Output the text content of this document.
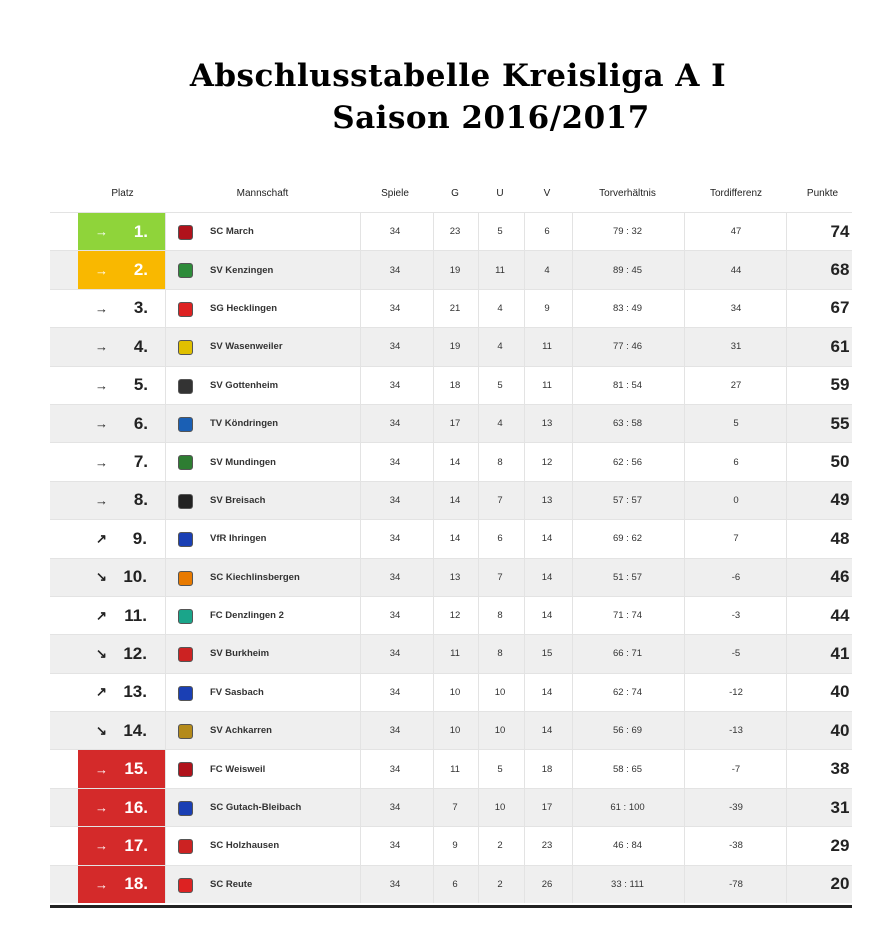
Abschlusstabelle Kreisliga A I
Saison 2016/2017
Platz	Mannschaft	Spiele	G	U	V	Torverhältnis	Tordifferenz	Punkte
→	1.	SC March	34	23	5	6	79 : 32	47	74
→	2.	SV Kenzingen	34	19	11	4	89 : 45	44	68
→	3.	SG Hecklingen	34	21	4	9	83 : 49	34	67
→	4.	SV Wasenweiler	34	19	4	11	77 : 46	31	61
→	5.	SV Gottenheim	34	18	5	11	81 : 54	27	59
→	6.	TV Köndringen	34	17	4	13	63 : 58	5	55
→	7.	SV Mundingen	34	14	8	12	62 : 56	6	50
→	8.	SV Breisach	34	14	7	13	57 : 57	0	49
↗	9.	VfR Ihringen	34	14	6	14	69 : 62	7	48
↘ 10.	SC Kiechlinsbergen	34	13	7	14	51 : 57	-6	46
↗	11.	FC Denzlingen 2	34	12	8	14	71 : 74	-3	44
↘ 12.	SV Burkheim	34	11	8	15	66 : 71	-5	41
↗ 13.	FV Sasbach	34	10	10	14	62 : 74	-12	40
↘ 14.	SV Achkarren	34	10	10	14	56 : 69	-13	40
→ 15.	FC Weisweil	34	11	5	18	58 : 65	-7	38
→ 16.	SC Gutach-Bleibach	34	7	10	17	61 : 100	-39	31
→ 17.	SC Holzhausen	34	9	2	23	46 : 84	-38	29
→ 18.	SC Reute	34	6	2	26	33 : 111	-78	20
